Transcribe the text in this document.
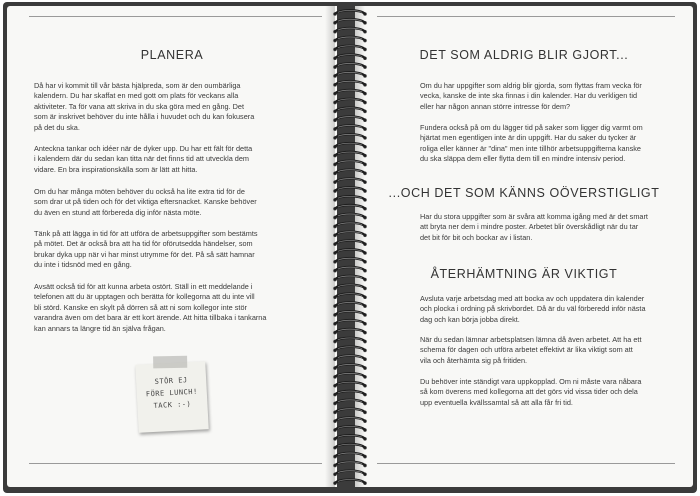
PLANERA

Då har vi kommit till vår bästa hjälpreda, som är den oumbärliga
kalendern. Du har skaffat en med gott om plats för veckans alla
aktiviteter. Ta för vana att skriva in du ska göra med en gång. Det
som är inskrivet behöver du inte hålla i huvudet och du kan fokusera
på det du ska.

Anteckna tankar och idéer när de dyker upp. Du har ett fält för detta
i kalendern där du sedan kan titta när det finns tid att utveckla dem
vidare. En bra inspirationskälla som är lätt att hitta.

Om du har många möten behöver du också ha lite extra tid för de
som drar ut på tiden och för det viktiga eftersnacket. Kanske behöver
du även en stund att förbereda dig inför nästa möte.

Tänk på att lägga in tid för att utföra de arbetsuppgifter som bestämts
på mötet. Det är också bra att ha tid för oförutsedda händelser, som
brukar dyka upp när vi har minst utrymme för det. På så sätt hamnar
du inte i tidsnöd med en gång.

Avsätt också tid för att kunna arbeta ostört. Ställ in ett meddelande i
telefonen att du är upptagen och berätta för kollegorna att du inte vill
bli störd. Kanske en skylt på dörren så att ni som kollegor inte stör
varandra även om det bara är ett kort ärende. Att hitta tillbaka i tankarna
kan annars ta längre tid än själva frågan.

STÖR EJ
FÖRE LUNCH!
TACK :-)
DET SOM ALDRIG BLIR GJORT...

Om du har uppgifter som aldrig blir gjorda, som flyttas fram vecka för
vecka, kanske de inte ska finnas i din kalender. Har du verkligen tid
eller har någon annan större intresse för dem?

Fundera också på om du lägger tid på saker som ligger dig varmt om
hjärtat men egentligen inte är din uppgift. Har du saker du tycker är
roliga eller känner är "dina" men inte tillhör arbetsuppgifterna kanske
du ska släppa dem eller flytta dem till en mindre intensiv period.

...OCH DET SOM KÄNNS OÖVERSTIGLIGT

Har du stora uppgifter som är svåra att komma igång med är det smart
att bryta ner dem i mindre poster. Arbetet blir överskådligt när du tar
det bit för bit och bockar av i listan.

ÅTERHÄMTNING ÄR VIKTIGT

Avsluta varje arbetsdag med att bocka av och uppdatera din kalender
och plocka i ordning på skrivbordet. Då är du väl förberedd inför nästa
dag och kan börja jobba direkt.

När du sedan lämnar arbetsplatsen lämna då även arbetet. Att ha ett
schema för dagen och utföra arbetet effektivt är lika viktigt som att
vila och återhämta sig på fritiden.

Du behöver inte ständigt vara uppkopplad. Om ni måste vara nåbara
så kom överens med kollegorna att det görs vid vissa tider och dela
upp eventuella kvällssamtal så att alla får fri tid.
